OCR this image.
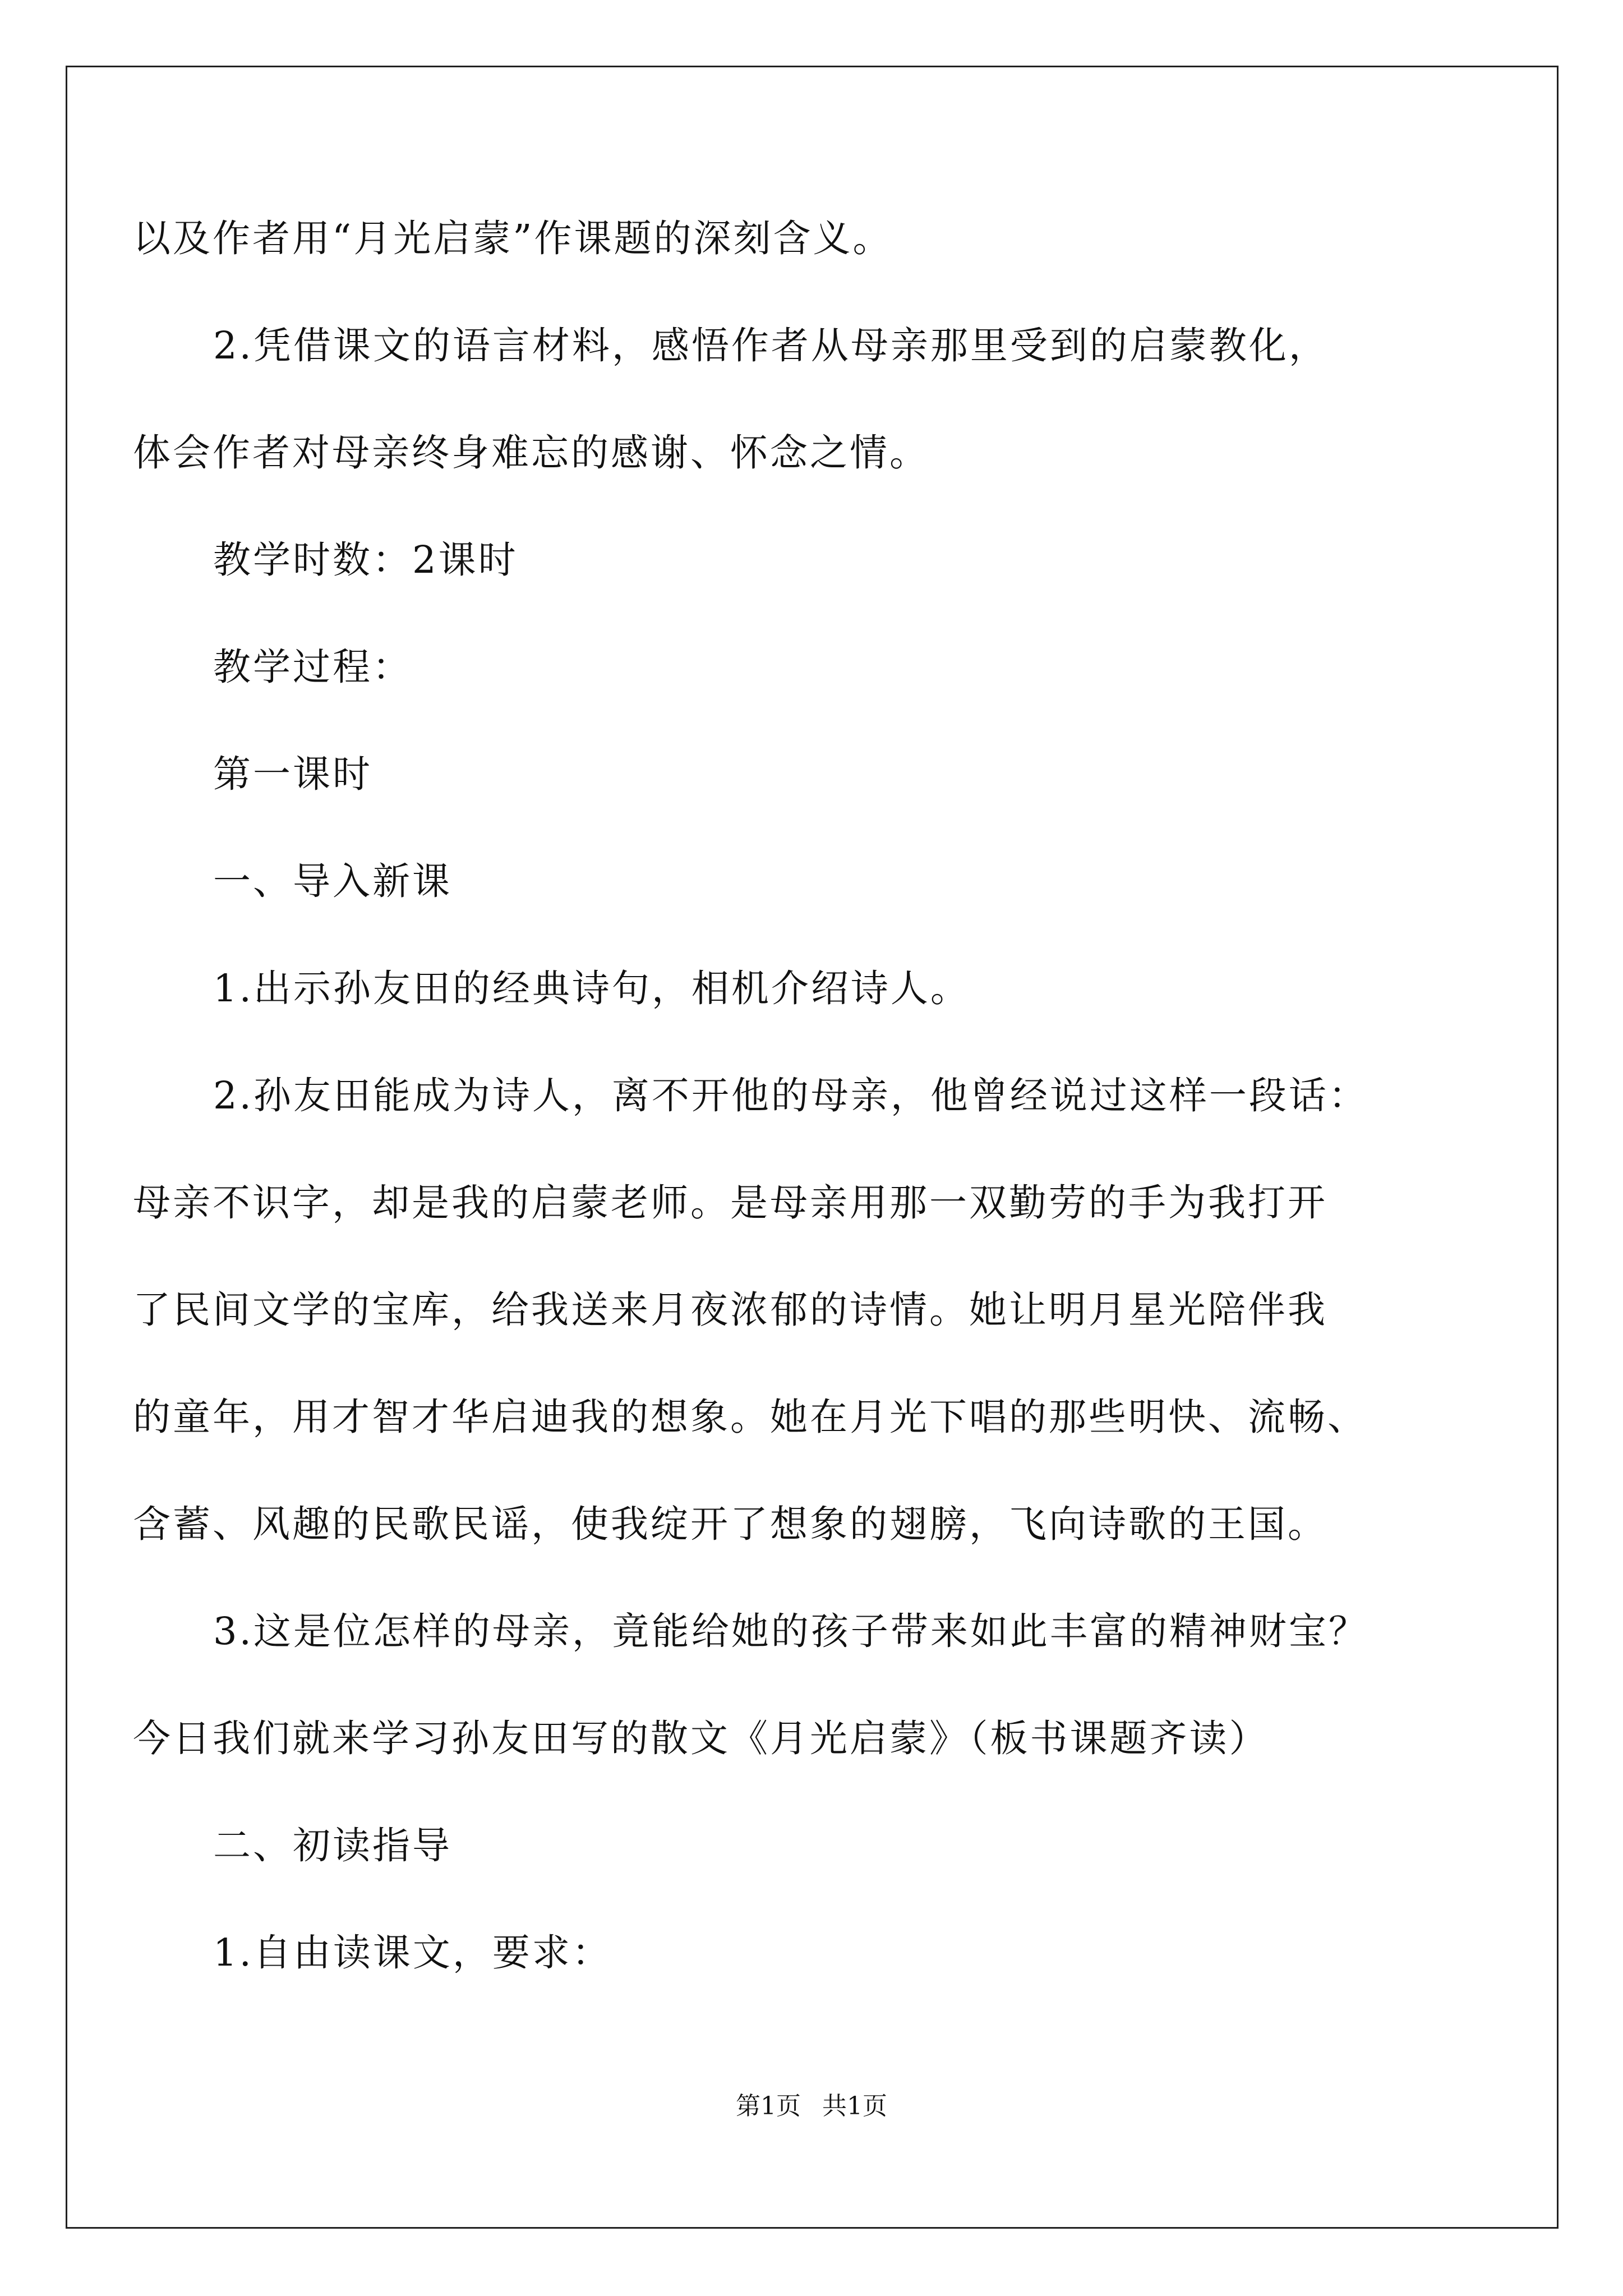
以及作者用“月光启蒙”作课题的深刻含义。

2.凭借课文的语言材料，感悟作者从母亲那里受到的启蒙教化，

体会作者对母亲终身难忘的感谢、怀念之情。

教学时数：2课时

教学过程：

第一课时

一、导入新课

1.出示孙友田的经典诗句，相机介绍诗人。

2.孙友田能成为诗人，离不开他的母亲，他曾经说过这样一段话：

母亲不识字，却是我的启蒙老师。是母亲用那一双勤劳的手为我打开

了民间文学的宝库，给我送来月夜浓郁的诗情。她让明月星光陪伴我

的童年，用才智才华启迪我的想象。她在月光下唱的那些明快、流畅、

含蓄、风趣的民歌民谣，使我绽开了想象的翅膀，飞向诗歌的王国。

3.这是位怎样的母亲，竟能给她的孩子带来如此丰富的精神财宝？

今日我们就来学习孙友田写的散文《月光启蒙》（板书课题齐读）

二、初读指导

1.自由读课文，要求：

第1页 共1页
